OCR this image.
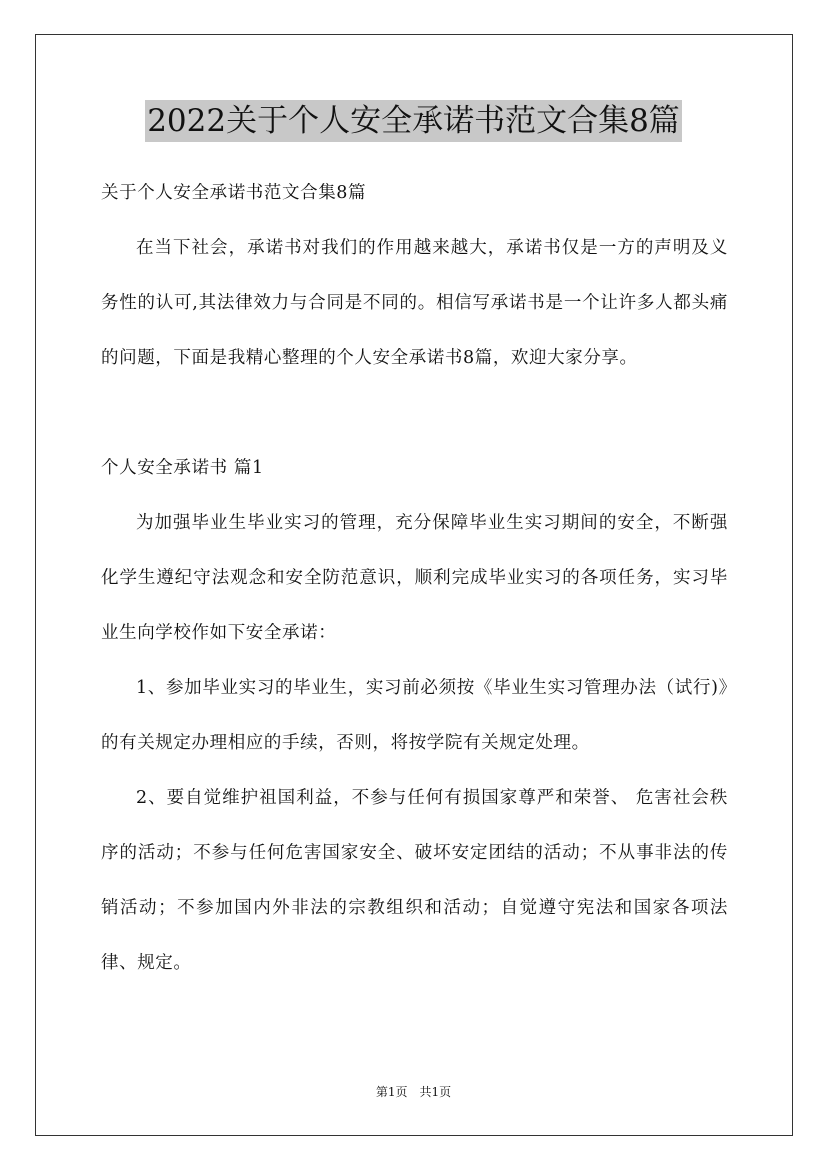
2022关于个人安全承诺书范文合集8篇

关于个人安全承诺书范文合集8篇

在当下社会，承诺书对我们的作用越来越大，承诺书仅是一方的声明及义务性的认可,其法律效力与合同是不同的。相信写承诺书是一个让许多人都头痛的问题，下面是我精心整理的个人安全承诺书8篇，欢迎大家分享。

个人安全承诺书 篇1

为加强毕业生毕业实习的管理，充分保障毕业生实习期间的安全，不断强化学生遵纪守法观念和安全防范意识，顺利完成毕业实习的各项任务，实习毕业生向学校作如下安全承诺：

1、参加毕业实习的毕业生，实习前必须按《毕业生实习管理办法（试行)》的有关规定办理相应的手续，否则，将按学院有关规定处理。

2、要自觉维护祖国利益，不参与任何有损国家尊严和荣誉、 危害社会秩序的活动；不参与任何危害国家安全、破坏安定团结的活动；不从事非法的传销活动；不参加国内外非法的宗教组织和活动；自觉遵守宪法和国家各项法律、规定。

第1页　共1页
